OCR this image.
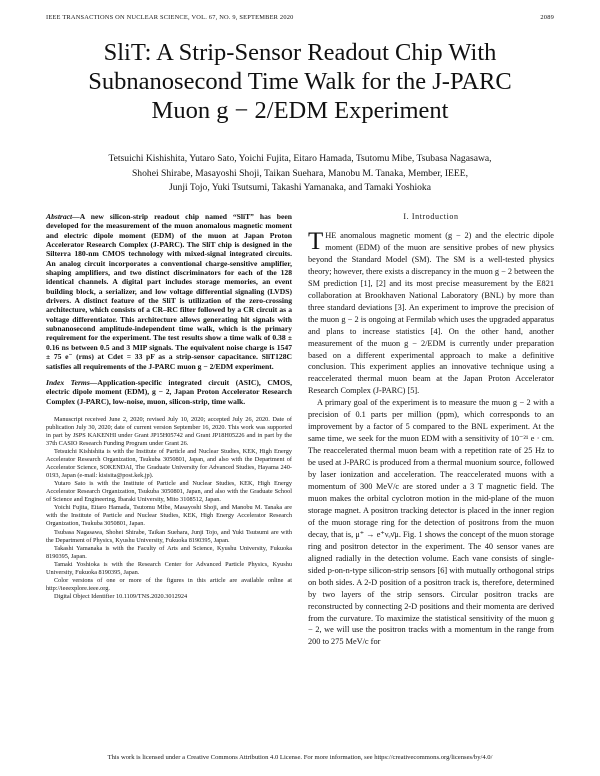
IEEE TRANSACTIONS ON NUCLEAR SCIENCE, VOL. 67, NO. 9, SEPTEMBER 2020	2089
SliT: A Strip-Sensor Readout Chip With
Subnanosecond Time Walk for the J-PARC
Muon g − 2/EDM Experiment
Tetsuichi Kishishita, Yutaro Sato, Yoichi Fujita, Eitaro Hamada, Tsutomu Mibe, Tsubasa Nagasawa,
Shohei Shirabe, Masayoshi Shoji, Taikan Suehara, Manobu M. Tanaka, Member, IEEE,
Junji Tojo, Yuki Tsutsumi, Takashi Yamanaka, and Tamaki Yoshioka

Abstract—A new silicon-strip readout chip named “SliT” has been developed for the measurement of the muon anomalous magnetic moment and electric dipole moment (EDM) of the muon at Japan Proton Accelerator Research Complex (J-PARC). The SliT chip is designed in the Silterra 180-nm CMOS technology with mixed-signal integrated circuits. An analog circuit incorporates a conventional charge-sensitive amplifier, shaping amplifiers, and two distinct discriminators for each of the 128 identical channels. A digital part includes storage memories, an event building block, a serializer, and low voltage differential signaling (LVDS) drivers. A distinct feature of the SliT is utilization of the zero-crossing architecture, which consists of a CR–RC filter followed by a CR circuit as a voltage differentiator. This architecture allows generating hit signals with subnanosecond amplitude-independent time walk, which is the primary requirement for the experiment. The test results show a time walk of 0.38 ± 0.16 ns between 0.5 and 3 MIP signals. The equivalent noise charge is 1547 ± 75 e⁻ (rms) at Cdet = 33 pF as a strip-sensor capacitance. SliT128C satisfies all requirements of the J-PARC muon g − 2/EDM experiment.

Index Terms—Application-specific integrated circuit (ASIC), CMOS, electric dipole moment (EDM), g − 2, Japan Proton Accelerator Research Complex (J-PARC), low-noise, muon, silicon-strip, time walk.

Manuscript received June 2, 2020; revised July 10, 2020; accepted July 26, 2020. Date of publication July 30, 2020; date of current version September 16, 2020. This work was supported in part by JSPS KAKENHI under Grant JP15H05742 and Grant JP18H05226 and in part by the 37th CASIO Research Funding Program under Grant 26.

Tetsuichi Kishishita is with the Institute of Particle and Nuclear Studies, KEK, High Energy Accelerator Research Organization, Tsukuba 3050801, Japan, and also with the Department of Accelerator Science, SOKENDAI, The Graduate University for Advanced Studies, Hayama 240-0193, Japan (e-mail: kisisita@post.kek.jp).

Yutaro Sato is with the Institute of Particle and Nuclear Studies, KEK, High Energy Accelerator Research Organization, Tsukuba 3050801, Japan, and also with the Graduate School of Science and Engineering, Ibaraki University, Mito 3108512, Japan.

Yoichi Fujita, Eitaro Hamada, Tsutomu Mibe, Masayoshi Shoji, and Manobu M. Tanaka are with the Institute of Particle and Nuclear Studies, KEK, High Energy Accelerator Research Organization, Tsukuba 3050801, Japan.

Tsubasa Nagasawa, Shohei Shirabe, Taikan Suehara, Junji Tojo, and Yuki Tsutsumi are with the Department of Physics, Kyushu University, Fukuoka 8190395, Japan.

Takashi Yamanaka is with the Faculty of Arts and Science, Kyushu University, Fukuoka 8190395, Japan.

Tamaki Yoshioka is with the Research Center for Advanced Particle Physics, Kyushu University, Fukuoka 8190395, Japan.

Color versions of one or more of the figures in this article are available online at http://ieeexplore.ieee.org.

Digital Object Identifier 10.1109/TNS.2020.3012924

I. Introduction

THE anomalous magnetic moment (g − 2) and the electric dipole moment (EDM) of the muon are sensitive probes of new physics beyond the Standard Model (SM). The SM is a well-tested physics theory; however, there exists a discrepancy in the muon g − 2 between the SM prediction [1], [2] and its most precise measurement by the E821 collaboration at Brookhaven National Laboratory (BNL) by more than three standard deviations [3]. An experiment to improve the precision of the muon g − 2 is ongoing at Fermilab which uses the upgraded apparatus and plans to increase statistics [4]. On the other hand, another measurement of the muon g − 2/EDM is currently under preparation based on a different experimental approach to make a definitive conclusion. This experiment applies an innovative technique using a reaccelerated thermal muon beam at the Japan Proton Accelerator Research Complex (J-PARC) [5].

A primary goal of the experiment is to measure the muon g − 2 with a precision of 0.1 parts per million (ppm), which corresponds to an improvement by a factor of 5 compared to the BNL experiment. At the same time, we seek for the muon EDM with a sensitivity of 10⁻²¹ e · cm. The reaccelerated thermal muon beam with a repetition rate of 25 Hz to be used at J-PARC is produced from a thermal muonium source, followed by laser ionization and acceleration. The reaccelerated muons with a momentum of 300 MeV/c are stored under a 3 T magnetic field. The muon makes the orbital cyclotron motion in the mid-plane of the muon storage magnet. A positron tracking detector is placed in the inner region of the muon storage ring for the detection of positrons from the muon decay, that is, μ⁺ → e⁺νₑν̄μ. Fig. 1 shows the concept of the muon storage ring and positron detector in the experiment. The 40 sensor vanes are aligned radially in the detection volume. Each vane consists of single-sided p-on-n-type silicon-strip sensors [6] with mutually orthogonal strips on both sides. A 2-D position of a positron track is, therefore, determined by two layers of the strip sensors. Circular positron tracks are reconstructed by connecting 2-D positions and their momenta are derived from the curvature. To maximize the statistical sensitivity of the muon g − 2, we will use the positron tracks with a momentum in the range from 200 to 275 MeV/c for

This work is licensed under a Creative Commons Attribution 4.0 License. For more information, see https://creativecommons.org/licenses/by/4.0/
